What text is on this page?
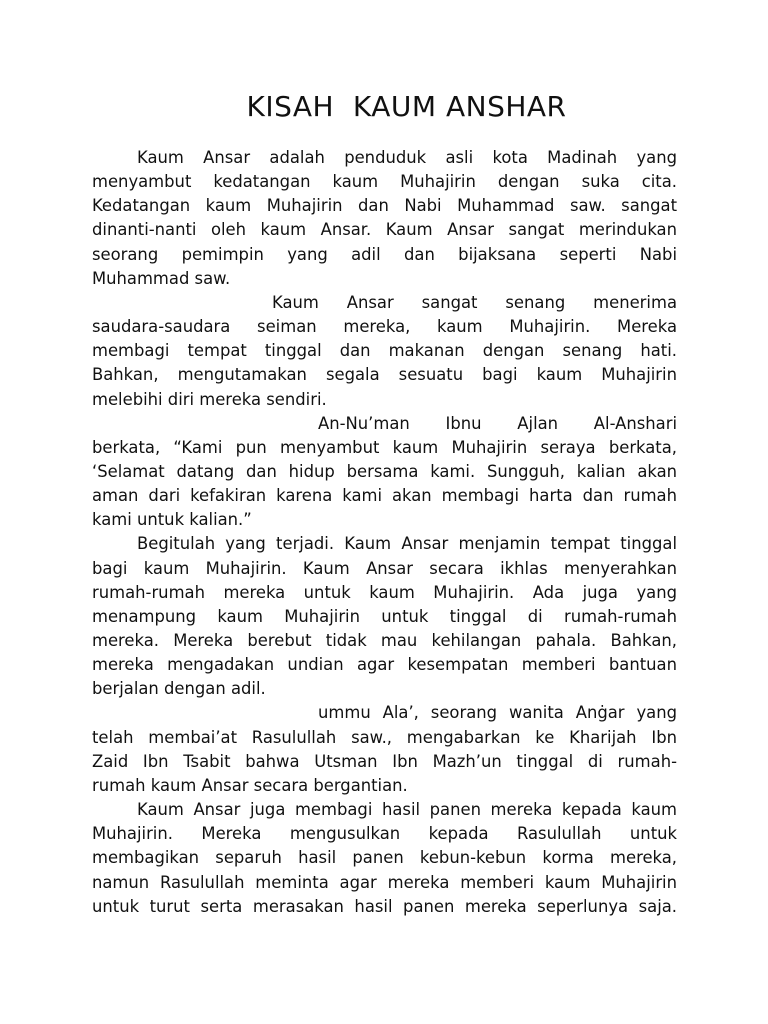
KISAH  KAUM ANSHAR
Kaum Ansar adalah penduduk asli kota Madinah yang
menyambut kedatangan kaum Muhajirin dengan suka cita.
Kedatangan kaum Muhajirin dan Nabi Muhammad saw. sangat
dinanti-nanti oleh kaum Ansar. Kaum Ansar sangat merindukan
seorang pemimpin yang adil dan bijaksana seperti Nabi
Muhammad saw.
Kaum Ansar sangat senang menerima
saudara-saudara seiman mereka, kaum Muhajirin. Mereka
membagi tempat tinggal dan makanan dengan senang hati.
Bahkan, mengutamakan segala sesuatu bagi kaum Muhajirin
melebihi diri mereka sendiri.
An-Nu’man Ibnu Ajlan Al-Anshari
berkata, “Kami pun menyambut kaum Muhajirin seraya berkata,
‘Selamat datang dan hidup bersama kami. Sungguh, kalian akan
aman dari kefakiran karena kami akan membagi harta dan rumah
kami untuk kalian.”
Begitulah yang terjadi. Kaum Ansar menjamin tempat tinggal
bagi kaum Muhajirin. Kaum Ansar secara ikhlas menyerahkan
rumah-rumah mereka untuk kaum Muhajirin. Ada juga yang
menampung kaum Muhajirin untuk tinggal di rumah-rumah
mereka. Mereka berebut tidak mau kehilangan pahala. Bahkan,
mereka mengadakan undian agar kesempatan memberi bantuan
berjalan dengan adil.
ummu Ala’, seorang wanita Anġar yang
telah membai’at Rasulullah saw., mengabarkan ke Kharijah Ibn
Zaid Ibn Tsabit bahwa Utsman Ibn Mazh’un tinggal di rumah-
rumah kaum Ansar secara bergantian.
Kaum Ansar juga membagi hasil panen mereka kepada kaum
Muhajirin. Mereka mengusulkan kepada Rasulullah untuk
membagikan separuh hasil panen kebun-kebun korma mereka,
namun Rasulullah meminta agar mereka memberi kaum Muhajirin
untuk turut serta merasakan hasil panen mereka seperlunya saja.
